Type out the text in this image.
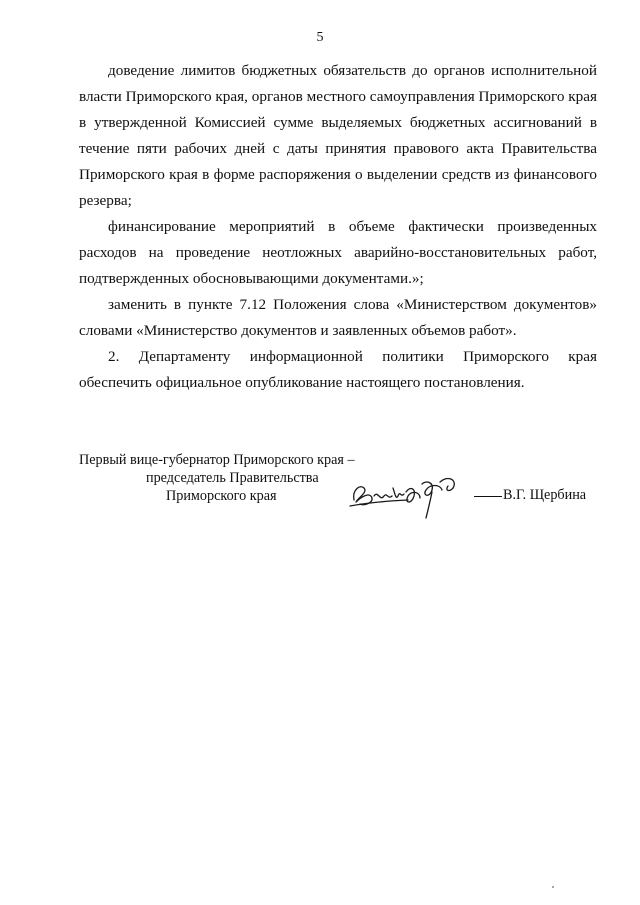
5
доведение лимитов бюджетных обязательств до органов исполнительной
власти Приморского края, органов местного самоуправления Приморского края
в утвержденной Комиссией сумме выделяемых бюджетных ассигнований в
течение пяти рабочих дней с даты принятия правового акта Правительства
Приморского края в форме распоряжения о выделении средств из финансового
резерва;
финансирование мероприятий в объеме фактически произведенных
расходов на проведение неотложных аварийно-восстановительных работ,
подтвержденных обосновывающими документами.»;
заменить в пункте 7.12 Положения слова «Министерством документов»
словами «Министерство документов и заявленных объемов работ».
2. Департаменту информационной политики Приморского края
обеспечить официальное опубликование настоящего постановления.
Первый вице-губернатор Приморского края –
председатель Правительства
Приморского края	В.Г. Щербина
